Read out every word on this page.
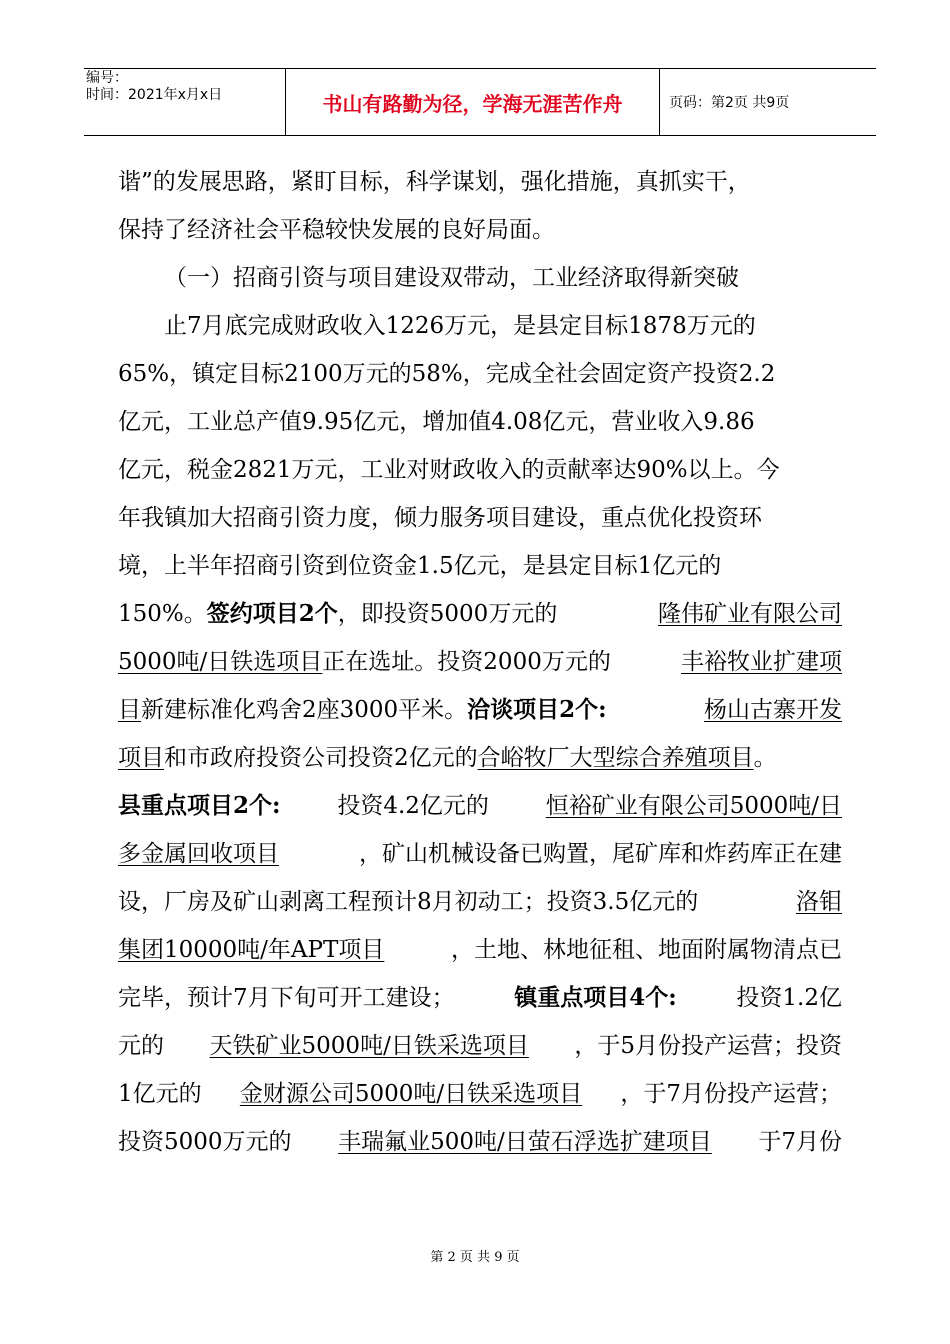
编号：
时间：2021年x月x日	书山有路勤为径，学海无涯苦作舟	页码：第2页 共9页
谐”的发展思路，紧盯目标，科学谋划，强化措施，真抓实干，
保持了经济社会平稳较快发展的良好局面。
（一）招商引资与项目建设双带动，工业经济取得新突破
止7月底完成财政收入1226万元，是县定目标1878万元的
65%，镇定目标2100万元的58%，完成全社会固定资产投资2.2
亿元，工业总产值9.95亿元，增加值4.08亿元，营业收入9.86
亿元，税金2821万元，工业对财政收入的贡献率达90%以上。今
年我镇加大招商引资力度，倾力服务项目建设，重点优化投资环
境，上半年招商引资到位资金1.5亿元，是县定目标1亿元的
150%。签约项目2个，即投资5000万元的	隆伟矿业有限公司
5000吨/日铁选项目正在选址。投资2000万元的	丰裕牧业扩建项
目新建标准化鸡舍2座3000平米。洽谈项目2个:	杨山古寨开发
项目和市政府投资公司投资2亿元的合峪牧厂大型综合养殖项目。
县重点项目2个: 投资4.2亿元的 恒裕矿业有限公司5000吨/日
多金属回收项目	，矿山机械设备已购置，尾矿库和炸药库正在建
设，厂房及矿山剥离工程预计8月初动工；投资3.5亿元的	洛钼
集团10000吨/年APT项目	，土地、林地征租、地面附属物清点已
完毕，预计7月下旬可开工建设；	镇重点项目4个:	投资1.2亿
元的 天铁矿业5000吨/日铁采选项目 ，于5月份投产运营；投资
1亿元的 金财源公司5000吨/日铁采选项目 ，于7月份投产运营；
投资5000万元的 丰瑞氟业500吨/日萤石浮选扩建项目 于7月份
第 2 页 共 9 页
